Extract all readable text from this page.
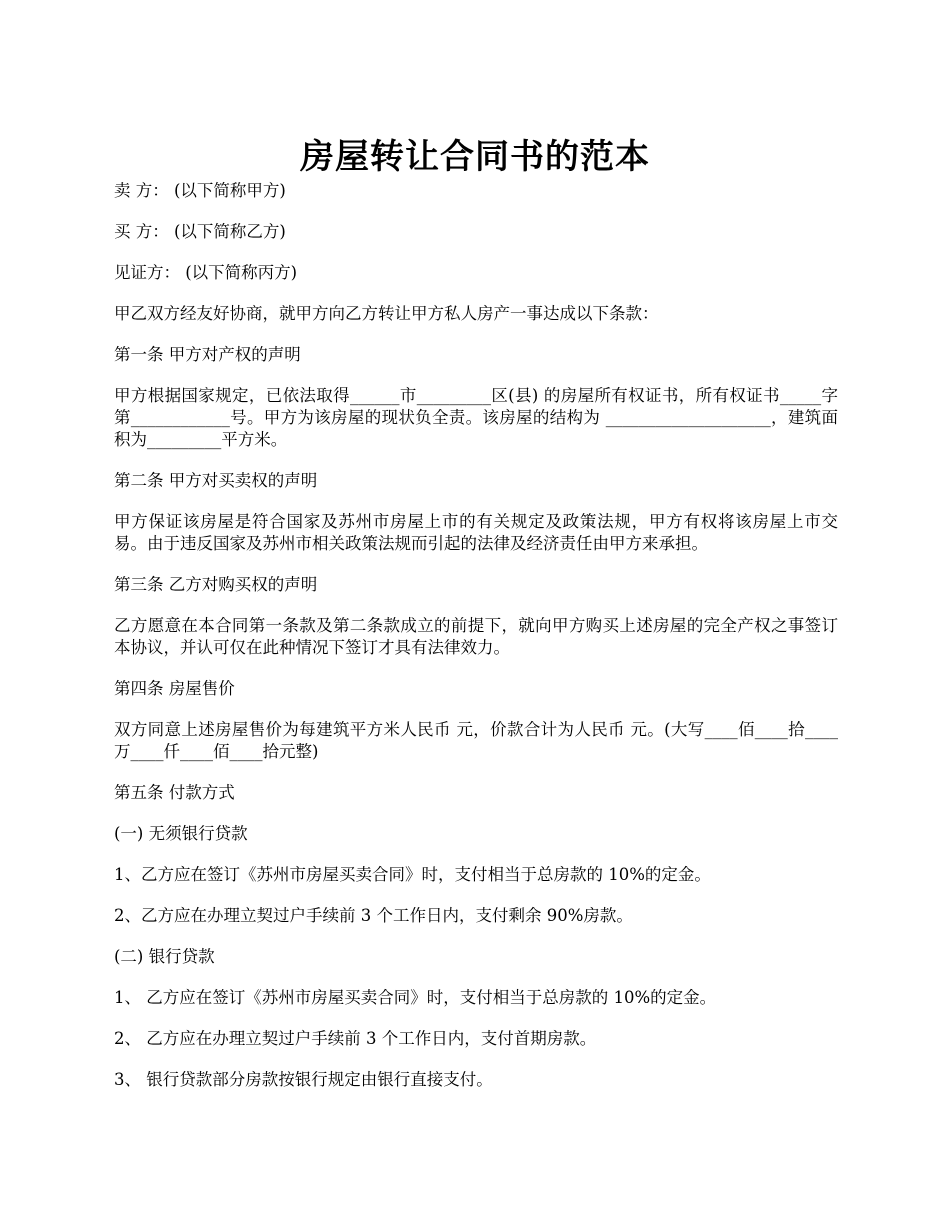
房屋转让合同书的范本

卖 方： (以下简称甲方)

买 方： (以下简称乙方)

见证方： (以下简称丙方)

甲乙双方经友好协商，就甲方向乙方转让甲方私人房产一事达成以下条款：

第一条 甲方对产权的声明

甲方根据国家规定，已依法取得______市_________区(县) 的房屋所有权证书，所有权证书_____字第____________号。甲方为该房屋的现状负全责。该房屋的结构为 ____________________，建筑面积为_________平方米。

第二条 甲方对买卖权的声明

甲方保证该房屋是符合国家及苏州市房屋上市的有关规定及政策法规，甲方有权将该房屋上市交易。由于违反国家及苏州市相关政策法规而引起的法律及经济责任由甲方来承担。

第三条 乙方对购买权的声明

乙方愿意在本合同第一条款及第二条款成立的前提下，就向甲方购买上述房屋的完全产权之事签订本协议，并认可仅在此种情况下签订才具有法律效力。

第四条 房屋售价

双方同意上述房屋售价为每建筑平方米人民币 元，价款合计为人民币 元。(大写____佰____拾____万____仟____佰____拾元整)

第五条 付款方式

(一) 无须银行贷款

1、乙方应在签订《苏州市房屋买卖合同》时，支付相当于总房款的 10%的定金。

2、乙方应在办理立契过户手续前 3 个工作日内，支付剩余 90%房款。

(二) 银行贷款

1、 乙方应在签订《苏州市房屋买卖合同》时，支付相当于总房款的 10%的定金。

2、 乙方应在办理立契过户手续前 3 个工作日内，支付首期房款。

3、 银行贷款部分房款按银行规定由银行直接支付。
